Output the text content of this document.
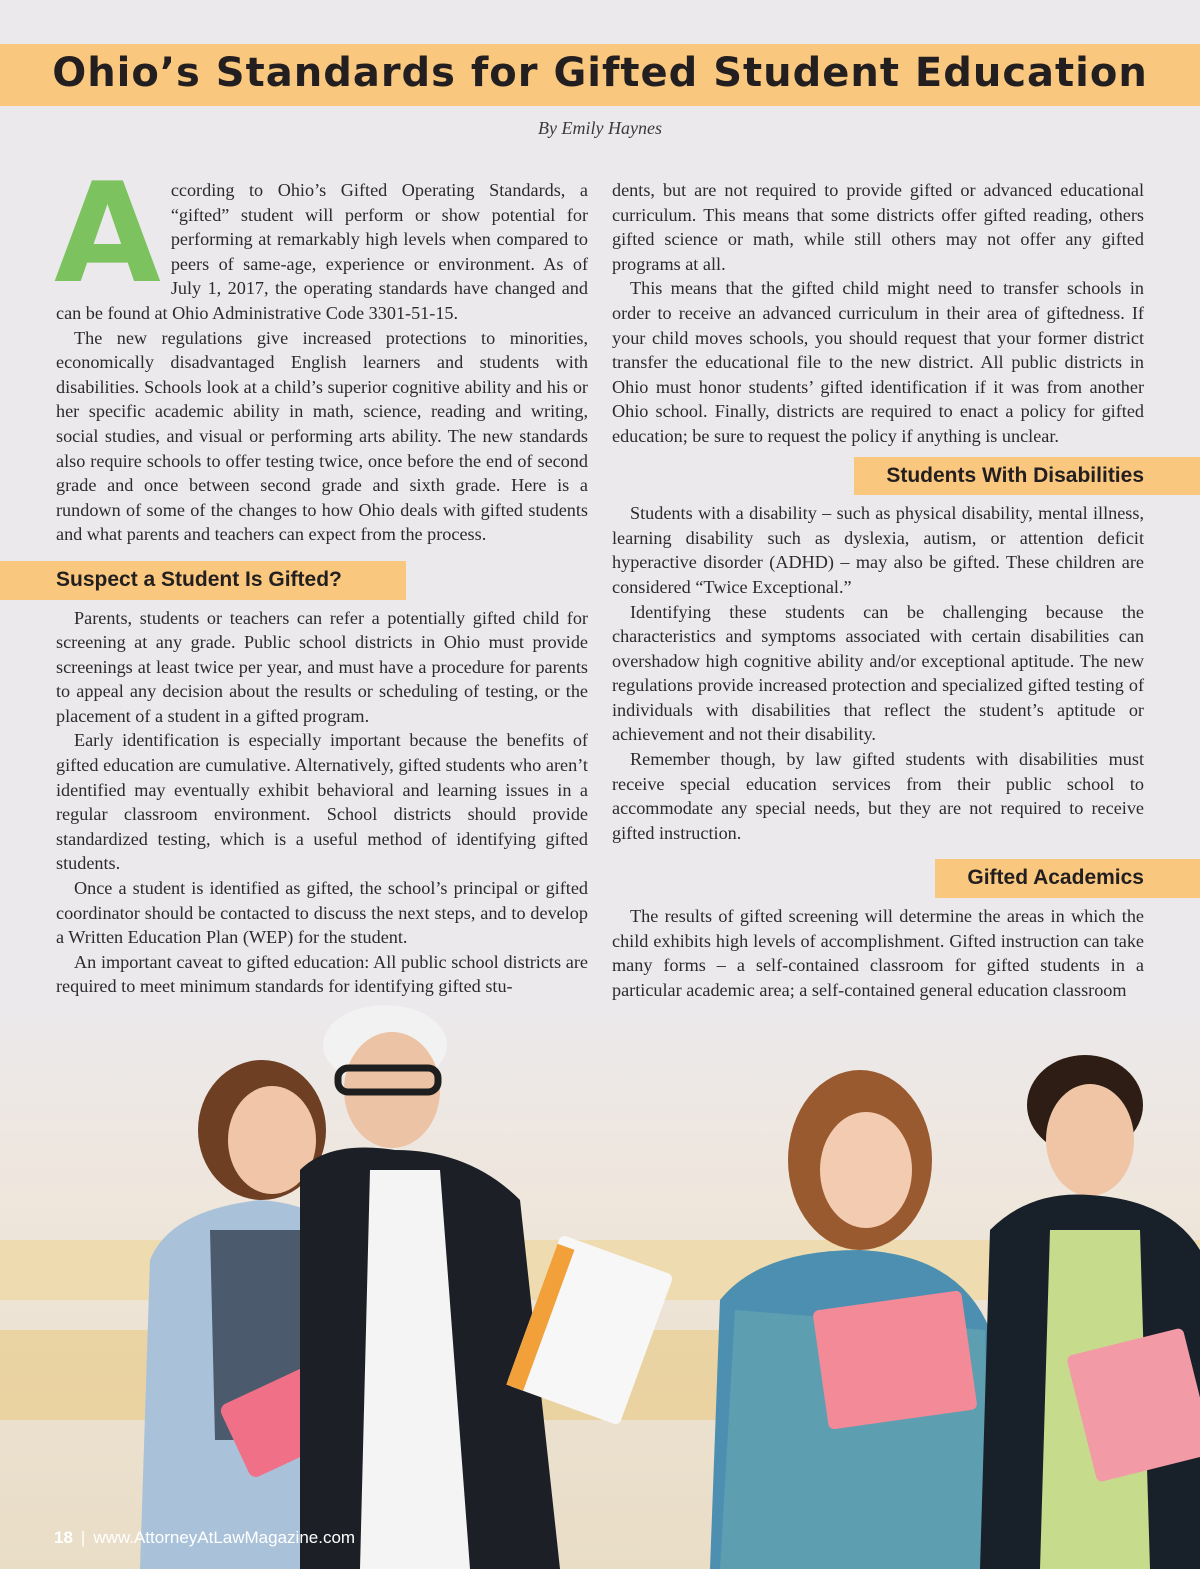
Ohio’s Standards for Gifted Student Education
By Emily Haynes
A ccording to Ohio’s Gifted Operating Standards, a “gifted” student will perform or show potential for performing at remarkably high levels when compared to peers of same-age, experience or environment. As of July 1, 2017, the operating standards have changed and can be found at Ohio Administrative Code 3301-51-15.

The new regulations give increased protections to minorities, economically disadvantaged English learners and students with disabilities. Schools look at a child’s superior cognitive ability and his or her specific academic ability in math, science, reading and writing, social studies, and visual or performing arts ability. The new standards also require schools to offer testing twice, once before the end of second grade and once between second grade and sixth grade. Here is a rundown of some of the changes to how Ohio deals with gifted students and what parents and teachers can expect from the process.

Suspect a Student Is Gifted?

Parents, students or teachers can refer a potentially gifted child for screening at any grade. Public school districts in Ohio must provide screenings at least twice per year, and must have a procedure for parents to appeal any decision about the results or scheduling of testing, or the placement of a student in a gifted program.

Early identification is especially important because the benefits of gifted education are cumulative. Alternatively, gifted students who aren’t identified may eventually exhibit behavioral and learning issues in a regular classroom environment. School districts should provide standardized testing, which is a useful method of identifying gifted students.

Once a student is identified as gifted, the school’s principal or gifted coordinator should be contacted to discuss the next steps, and to develop a Written Education Plan (WEP) for the student.

An important caveat to gifted education: All public school districts are required to meet minimum standards for identifying gifted stu-

dents, but are not required to provide gifted or advanced educational curriculum. This means that some districts offer gifted reading, others gifted science or math, while still others may not offer any gifted programs at all.

This means that the gifted child might need to transfer schools in order to receive an advanced curriculum in their area of giftedness. If your child moves schools, you should request that your former district transfer the educational file to the new district. All public districts in Ohio must honor students’ gifted identification if it was from another Ohio school. Finally, districts are required to enact a policy for gifted education; be sure to request the policy if anything is unclear.

Students With Disabilities

Students with a disability – such as physical disability, mental illness, learning disability such as dyslexia, autism, or attention deficit hyperactive disorder (ADHD) – may also be gifted. These children are considered “Twice Exceptional.”

Identifying these students can be challenging because the characteristics and symptoms associated with certain disabilities can overshadow high cognitive ability and/or exceptional aptitude. The new regulations provide increased protection and specialized gifted testing of individuals with disabilities that reflect the student’s aptitude or achievement and not their disability.

Remember though, by law gifted students with disabilities must receive special education services from their public school to accommodate any special needs, but they are not required to receive gifted instruction.

Gifted Academics

The results of gifted screening will determine the areas in which the child exhibits high levels of accomplishment. Gifted instruction can take many forms – a self-contained classroom for gifted students in a particular academic area; a self-contained general education classroom

18 | www.AttorneyAtLawMagazine.com
